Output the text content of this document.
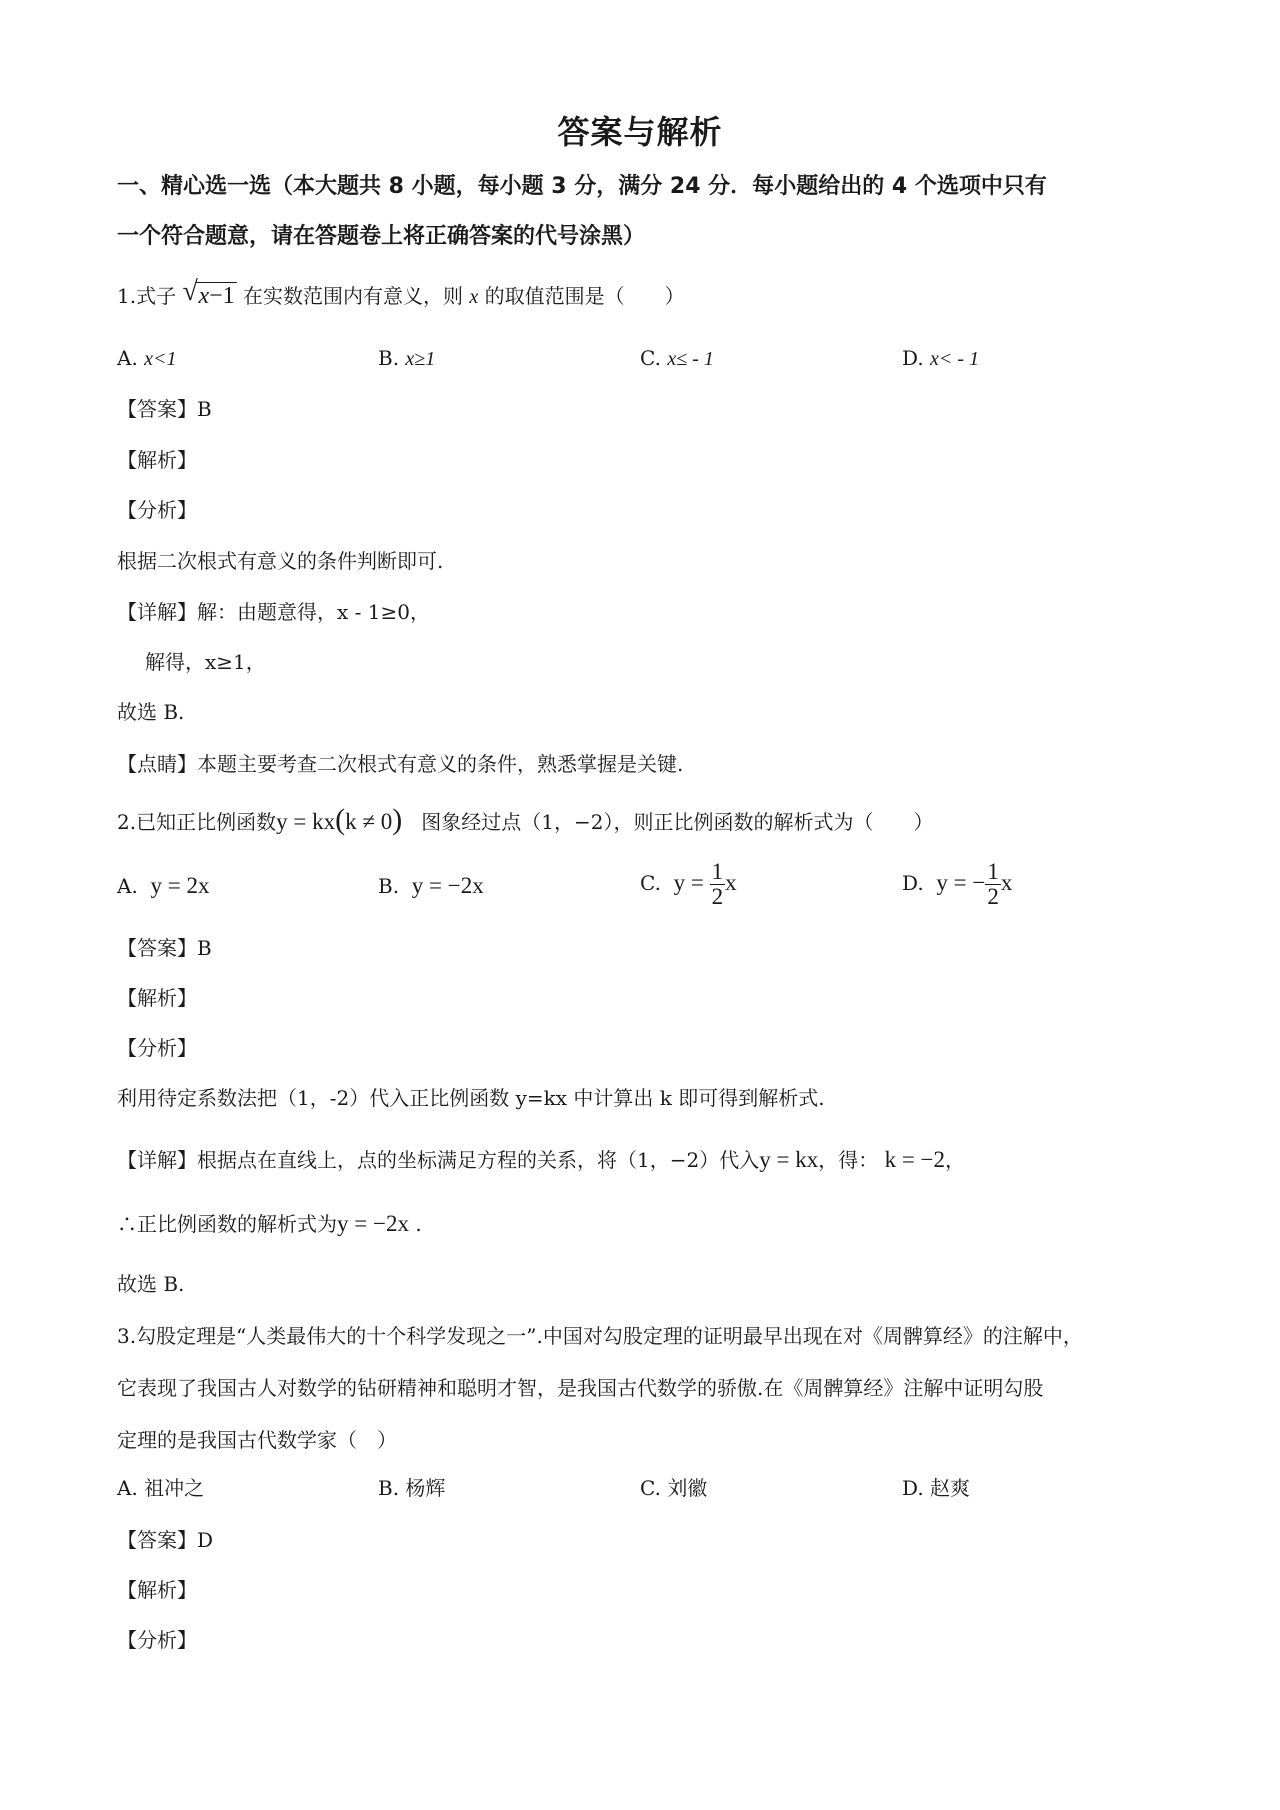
答案与解析
一、精心选一选（本大题共 8 小题，每小题 3 分，满分 24 分．每小题给出的 4 个选项中只有
一个符合题意，请在答题卷上将正确答案的代号涂黑）
1.式子 √ x−1 在实数范围内有意义，则 x 的取值范围是（　　）
A. x<1	B. x≥1	C. x≤ - 1	D. x< - 1
【答案】B
【解析】
【分析】
根据二次根式有意义的条件判断即可.
【详解】解：由题意得，x - 1≥0，
解得，x≥1，
故选 B.
【点睛】本题主要考查二次根式有意义的条件，熟悉掌握是关键.
2.已知正比例函数y = kx(k ≠ 0) 图象经过点（1，−2），则正比例函数的解析式为（　　）
A. y = 2x	B. y = −2x	C. $y = \frac{1}{2}$ x	D. y = − $\frac{1}{2}$ x
【答案】B
【解析】
【分析】
利用待定系数法把（1，-2）代入正比例函数 y=kx 中计算出 k 即可得到解析式.
【详解】根据点在直线上，点的坐标满足方程的关系，将（1，−2）代入y = kx，得： k = −2，
∴正比例函数的解析式为y = −2x .
故选 B.
3.勾股定理是“人类最伟大的十个科学发现之一”.中国对勾股定理的证明最早出现在对《周髀算经》的注解中，
它表现了我国古人对数学的钻研精神和聪明才智，是我国古代数学的骄傲.在《周髀算经》注解中证明勾股
定理的是我国古代数学家（　）
A. 祖冲之	B. 杨辉	C. 刘徽	D. 赵爽
【答案】D
【解析】
【分析】
